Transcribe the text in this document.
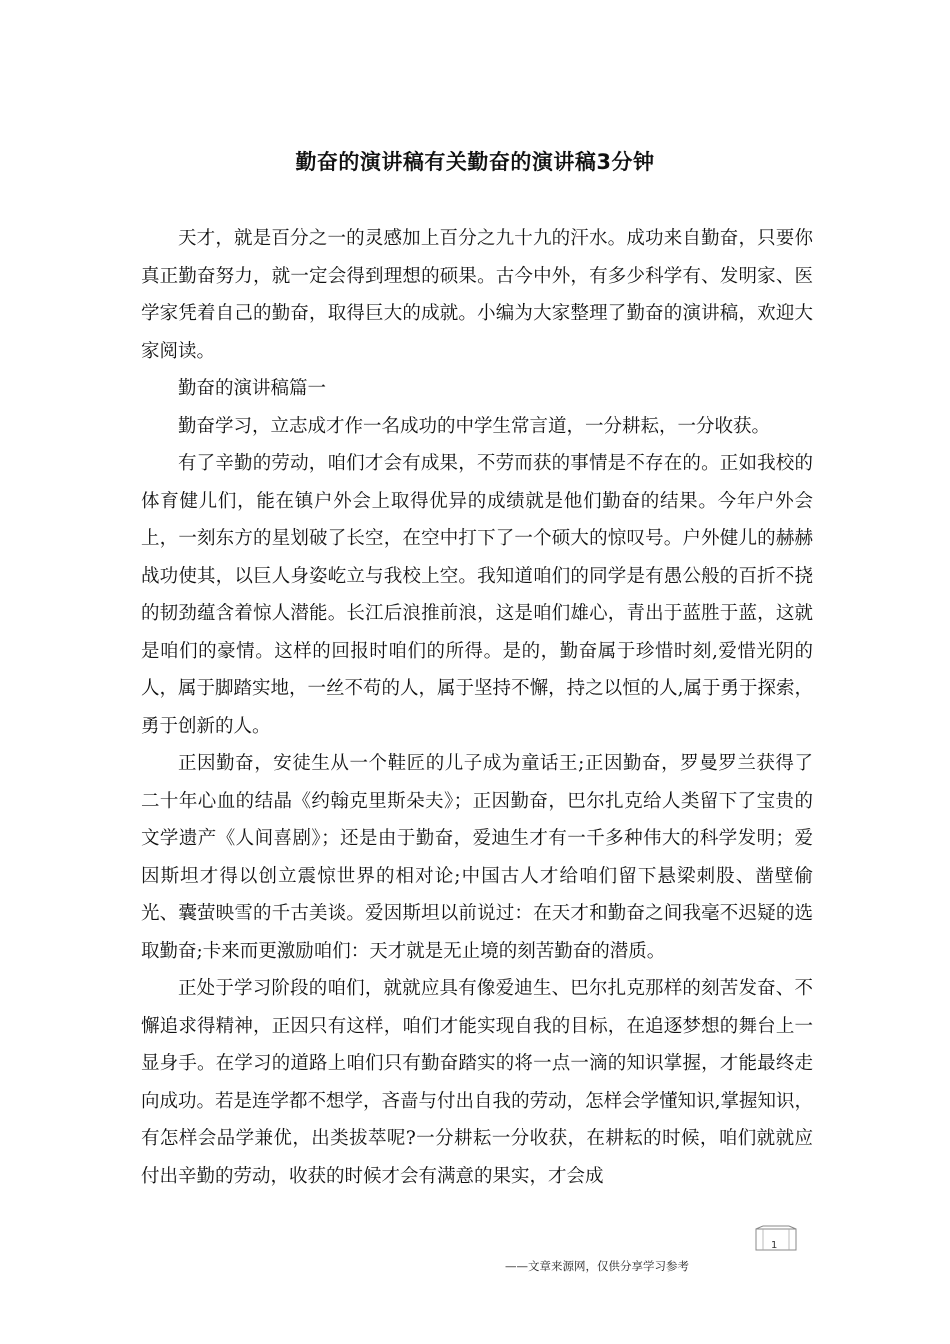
勤奋的演讲稿有关勤奋的演讲稿3分钟

天才，就是百分之一的灵感加上百分之九十九的汗水。成功来自勤奋，只要你真正勤奋努力，就一定会得到理想的硕果。古今中外，有多少科学有、发明家、医学家凭着自己的勤奋，取得巨大的成就。小编为大家整理了勤奋的演讲稿，欢迎大家阅读。

勤奋的演讲稿篇一

勤奋学习，立志成才作一名成功的中学生常言道，一分耕耘，一分收获。

有了辛勤的劳动，咱们才会有成果，不劳而获的事情是不存在的。正如我校的体育健儿们，能在镇户外会上取得优异的成绩就是他们勤奋的结果。今年户外会上，一刻东方的星划破了长空，在空中打下了一个硕大的惊叹号。户外健儿的赫赫战功使其，以巨人身姿屹立与我校上空。我知道咱们的同学是有愚公般的百折不挠的韧劲蕴含着惊人潜能。长江后浪推前浪，这是咱们雄心，青出于蓝胜于蓝，这就是咱们的豪情。这样的回报时咱们的所得。是的，勤奋属于珍惜时刻,爱惜光阴的人，属于脚踏实地，一丝不苟的人，属于坚持不懈，持之以恒的人,属于勇于探索，勇于创新的人。

正因勤奋，安徒生从一个鞋匠的儿子成为童话王;正因勤奋，罗曼罗兰获得了二十年心血的结晶《约翰克里斯朵夫》；正因勤奋，巴尔扎克给人类留下了宝贵的文学遗产《人间喜剧》；还是由于勤奋，爱迪生才有一千多种伟大的科学发明；爱因斯坦才得以创立震惊世界的相对论;中国古人才给咱们留下悬梁刺股、凿壁偷光、囊萤映雪的千古美谈。爱因斯坦以前说过：在天才和勤奋之间我毫不迟疑的选取勤奋;卡来而更激励咱们：天才就是无止境的刻苦勤奋的潜质。

正处于学习阶段的咱们，就就应具有像爱迪生、巴尔扎克那样的刻苦发奋、不懈追求得精神，正因只有这样，咱们才能实现自我的目标，在追逐梦想的舞台上一显身手。在学习的道路上咱们只有勤奋踏实的将一点一滴的知识掌握，才能最终走向成功。若是连学都不想学，吝啬与付出自我的劳动，怎样会学懂知识,掌握知识，有怎样会品学兼优，出类拔萃呢?一分耕耘一分收获，在耕耘的时候，咱们就就应付出辛勤的劳动，收获的时候才会有满意的果实，才会成

1
——文章来源网，仅供分享学习参考
